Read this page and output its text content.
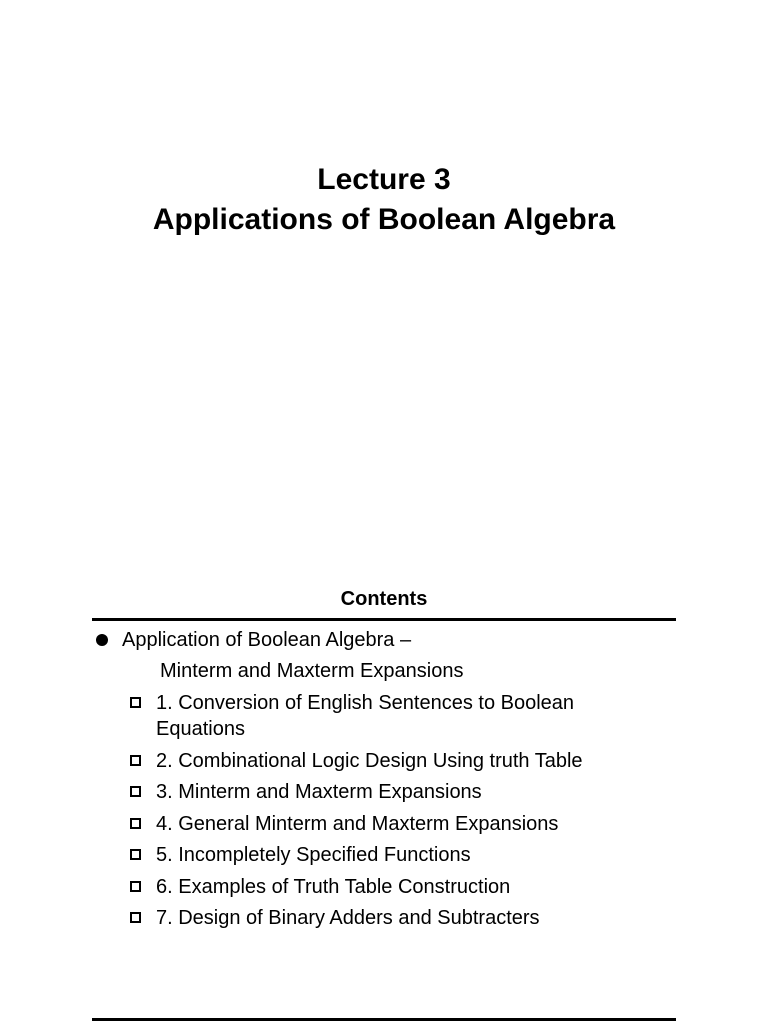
Lecture 3
Applications of Boolean Algebra
Contents
Application of Boolean Algebra –
Minterm and Maxterm Expansions
1. Conversion of English Sentences to Boolean
Equations
2. Combinational Logic Design Using truth Table
3. Minterm and Maxterm Expansions
4. General Minterm and Maxterm Expansions
5. Incompletely Specified Functions
6. Examples of Truth Table Construction
7. Design of Binary Adders and Subtracters
